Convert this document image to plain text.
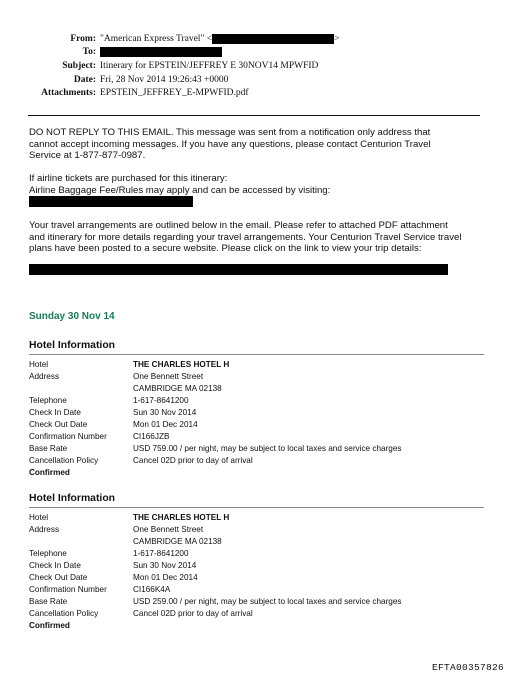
From: "American Express Travel" <	>
To:
Subject: Itinerary for EPSTEIN/JEFFREY E 30NOV14 MPWFID
Date: Fri, 28 Nov 2014 19:26:43 +0000
Attachments: EPSTEIN_JEFFREY_E-MPWFID.pdf

DO NOT REPLY TO THIS EMAIL. This message was sent from a notification only address that

cannot accept incoming messages. If you have any questions, please contact Centurion Travel

Service at 1-877-877-0987.

If airline tickets are purchased for this itinerary:

Airline Baggage Fee/Rules may apply and can be accessed by visiting:

Your travel arrangements are outlined below in the email. Please refer to attached PDF attachment

and itinerary for more details regarding your travel arrangements. Your Centurion Travel Service travel

plans have been posted to a secure website. Please click on the link to view your trip details:

Sunday 30 Nov 14
Hotel Information
Hotel	THE CHARLES HOTEL H
Address	One Bennett Street
CAMBRIDGE MA 02138
Telephone	1-617-8641200
Check In Date	Sun 30 Nov 2014
Check Out Date	Mon 01 Dec 2014
Confirmation Number	CI166JZB
Base Rate	USD 759.00 / per night, may be subject to local taxes and service charges
Cancellation Policy	Cancel 02D prior to day of arrival
Confirmed
Hotel Information
Hotel	THE CHARLES HOTEL H
Address	One Bennett Street
CAMBRIDGE MA 02138
Telephone	1-617-8641200
Check In Date	Sun 30 Nov 2014
Check Out Date	Mon 01 Dec 2014
Confirmation Number	CI166K4A
Base Rate	USD 259.00 / per night, may be subject to local taxes and service charges
Cancellation Policy	Cancel 02D prior to day of arrival
Confirmed
EFTA00357826
